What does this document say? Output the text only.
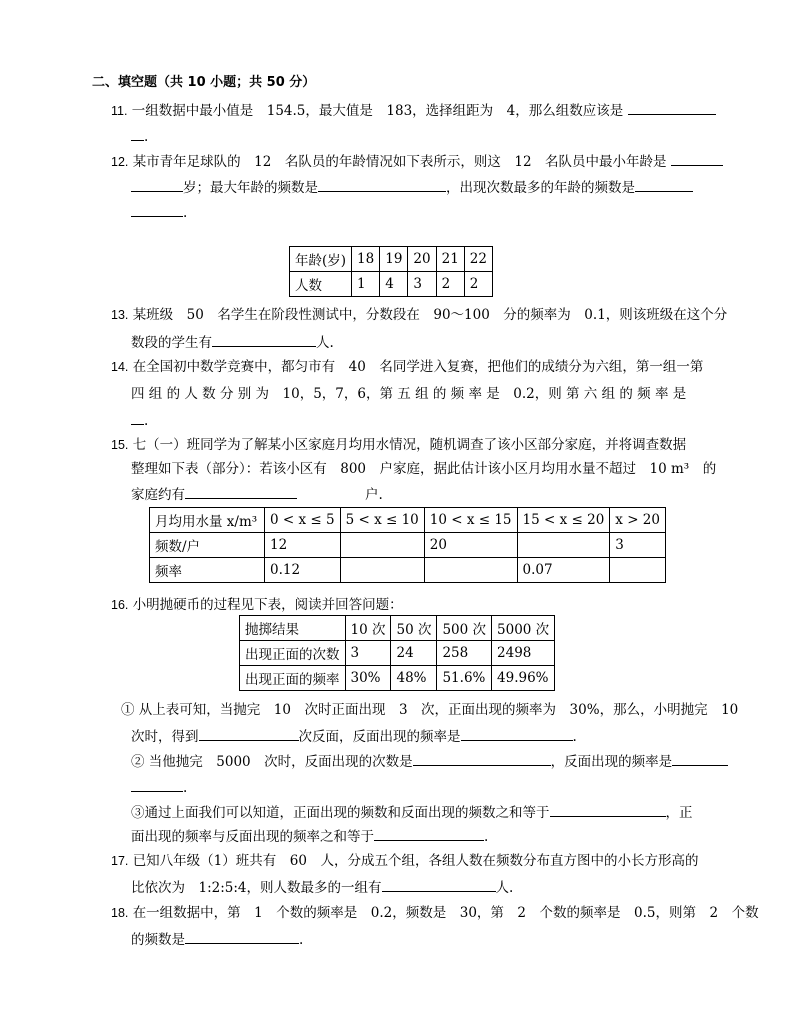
二、填空题（共 10 小题；共 50 分）
11. 一组数据中最小值是　154.5，最大值是　183，选择组距为　4，那么组数应该是
.
12. 某市青年足球队的　12　名队员的年龄情况如下表所示，则这　12　名队员中最小年龄是
岁；最大年龄的频数是	，出现次数最多的年龄的频数是
.
年龄(岁)	18	19	20	21	22
人数	1	4	3	2	2
13. 某班级　50　名学生在阶段性测试中，分数段在　90～100　分的频率为　0.1，则该班级在这个分
数段的学生有	人.
14. 在全国初中数学竞赛中，都匀市有　40　名同学进入复赛，把他们的成绩分为六组，第一组一第
四 组 的 人 数 分 别 为　10，5，7，6，第 五 组 的 频 率 是　0.2，则 第 六 组 的 频 率 是
.
15. 七（一）班同学为了解某小区家庭月均用水情况，随机调查了该小区部分家庭，并将调查数据
整理如下表（部分）：若该小区有　800　户家庭，据此估计该小区月均用水量不超过　10 m³　的
家庭约有	户.
月均用水量 x/m³	0 < x ≤ 5	5 < x ≤ 10	10 < x ≤ 15	15 < x ≤ 20	x > 20
频数/户	12		20		3
频率	0.12			0.07	
16. 小明抛硬币的过程见下表，阅读并回答问题：
抛掷结果	10 次	50 次	500 次	5000 次
出现正面的次数	3	24	258	2498
出现正面的频率	30%	48%	51.6%	49.96%
① 从上表可知，当抛完　10　次时正面出现　3　次，正面出现的频率为　30%，那么，小明抛完　10
次时，得到	次反面，反面出现的频率是	.
② 当他抛完　5000　次时，反面出现的次数是	，反面出现的频率是
.
③通过上面我们可以知道，正面出现的频数和反面出现的频数之和等于	，正
面出现的频率与反面出现的频率之和等于	.
17. 已知八年级（1）班共有　60　人，分成五个组，各组人数在频数分布直方图中的小长方形高的
比依次为　1:2:5:4，则人数最多的一组有	人.
18. 在一组数据中，第　1　个数的频率是　0.2，频数是　30，第　2　个数的频率是　0.5，则第　2　个数
的频数是	.
